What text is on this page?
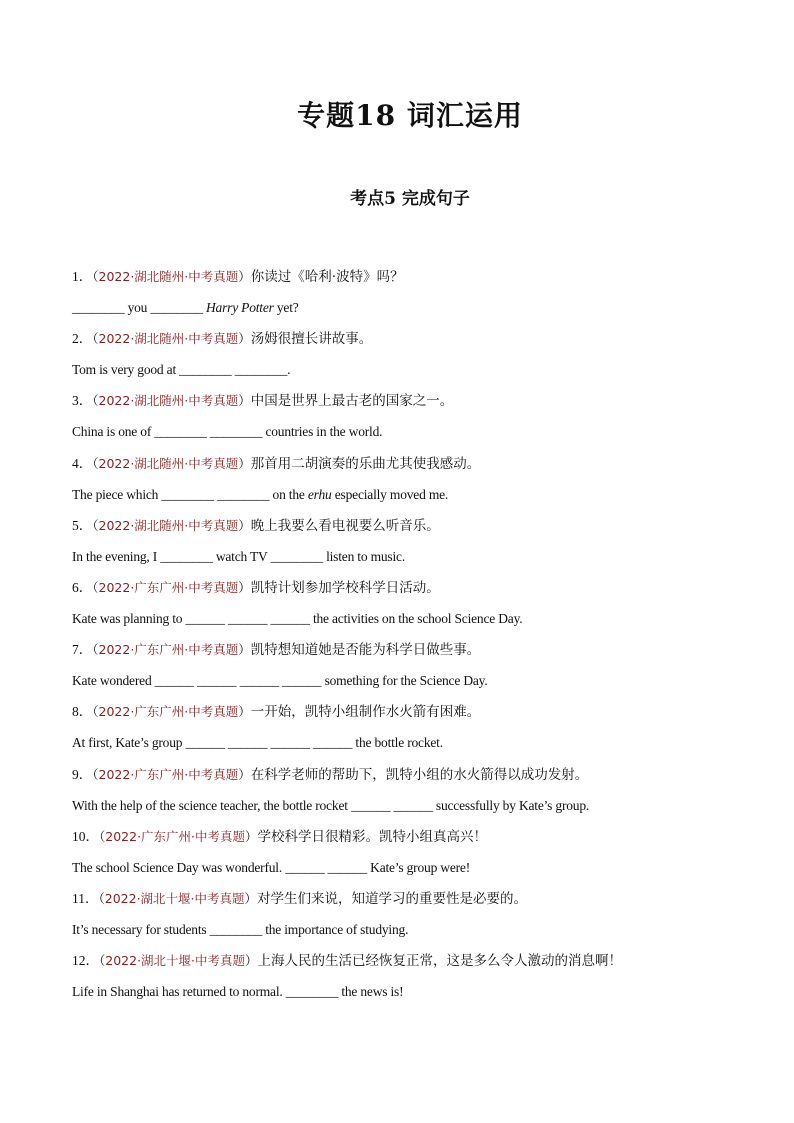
专题18 词汇运用
考点5 完成句子
1．（2022·湖北随州·中考真题）你读过《哈利·波特》吗？
________ you ________ Harry Potter yet?
2．（2022·湖北随州·中考真题）汤姆很擅长讲故事。
Tom is very good at ________ ________.
3．（2022·湖北随州·中考真题）中国是世界上最古老的国家之一。
China is one of ________ ________ countries in the world.
4．（2022·湖北随州·中考真题）那首用二胡演奏的乐曲尤其使我感动。
The piece which ________ ________ on the erhu especially moved me.
5．（2022·湖北随州·中考真题）晚上我要么看电视要么听音乐。
In the evening, I ________ watch TV ________ listen to music.
6．（2022·广东广州·中考真题）凯特计划参加学校科学日活动。
Kate was planning to ______ ______ ______ the activities on the school Science Day.
7．（2022·广东广州·中考真题）凯特想知道她是否能为科学日做些事。
Kate wondered ______ ______ ______ ______ something for the Science Day.
8．（2022·广东广州·中考真题）一开始，凯特小组制作水火箭有困难。
At first, Kate’s group ______ ______ ______ ______ the bottle rocket.
9．（2022·广东广州·中考真题）在科学老师的帮助下，凯特小组的水火箭得以成功发射。
With the help of the science teacher, the bottle rocket ______ ______ successfully by Kate’s group.
10．（2022·广东广州·中考真题）学校科学日很精彩。凯特小组真高兴！
The school Science Day was wonderful. ______ ______ Kate’s group were!
11．（2022·湖北十堰·中考真题）对学生们来说，知道学习的重要性是必要的。
It’s necessary for students ________ the importance of studying.
12．（2022·湖北十堰·中考真题）上海人民的生活已经恢复正常，这是多么令人激动的消息啊！
Life in Shanghai has returned to normal. ________ the news is!
